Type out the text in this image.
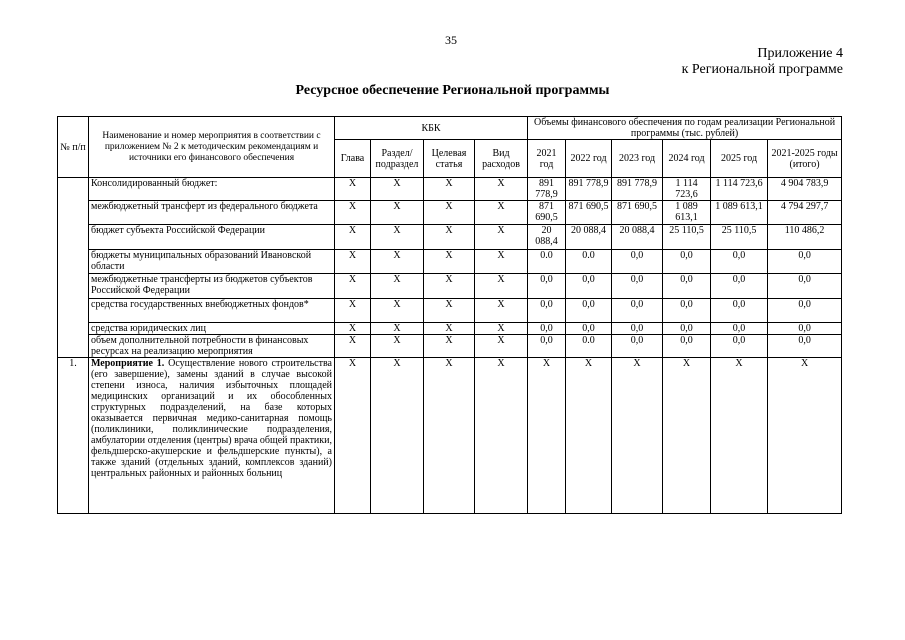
35
Приложение 4
к Региональной программе
Ресурсное обеспечение Региональной программы
№ п/п	Наименование и номер мероприятия в соответствии с приложением № 2 к методическим рекомендациям и источники его финансового обеспечения	КБК				Объемы финансового обеспечения по годам реализации Региональной программы (тыс. рублей)					
		Глава	Раздел/ подраздел	Целевая статья	Вид расходов	2021 год	2022 год	2023 год	2024 год	2025 год	2021-2025 годы (итого)
	Консолидированный бюджет:	X	X	X	X	891 778,9	891 778,9	891 778,9	1 114 723,6	1 114 723,6	4 904 783,9
	межбюджетный трансферт из федерального бюджета	X	X	X	X	871 690,5	871 690,5	871 690,5	1 089 613,1	1 089 613,1	4 794 297,7
	бюджет субъекта Российской Федерации	X	X	X	X	20 088,4	20 088,4	20 088,4	25 110,5	25 110,5	110 486,2
	бюджеты муниципальных образований Ивановской области	X	X	X	X	0.0	0.0	0,0	0,0	0,0	0,0
	межбюджетные трансферты из бюджетов субъектов Российской Федерации	X	X	X	X	0,0	0,0	0,0	0,0	0,0	0,0
	средства государственных внебюджетных фондов*	X	X	X	X	0,0	0,0	0,0	0,0	0,0	0,0
	средства юридических лиц	X	X	X	X	0,0	0,0	0,0	0,0	0,0	0,0
	объем дополнительной потребности в финансовых ресурсах на реализацию мероприятия	X	X	X	X	0,0	0.0	0,0	0,0	0,0	0,0
1.	Мероприятие 1. Осуществление нового строительства (его завершение), замены зданий в случае высокой степени износа, наличия избыточных площадей медицинских организаций и их обособленных структурных подразделений, на базе которых оказывается первичная медико-санитарная помощь (поликлиники, поликлинические подразделения, амбулатории отделения (центры) врача общей практики, фельдшерско-акушерские и фельдшерские пункты), а также зданий (отдельных зданий, комплексов зданий) центральных районных и районных больниц	X	X	X	X	X	X	X	X	X	X
